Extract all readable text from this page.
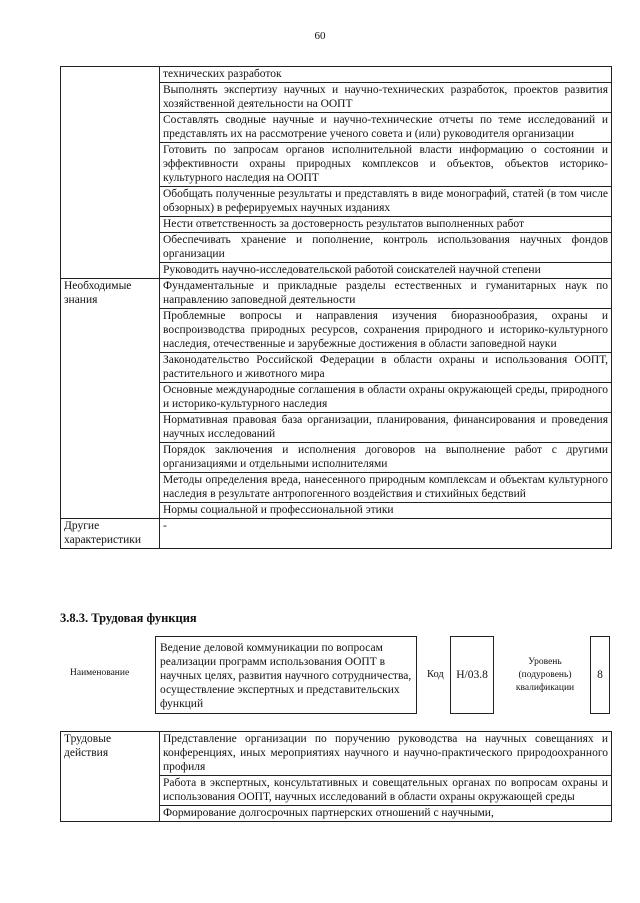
60
	технических разработок
	Выполнять экспертизу научных и научно-технических разработок, проектов развития хозяйственной деятельности на ООПТ
	Составлять сводные научные и научно-технические отчеты по теме исследований и представлять их на рассмотрение ученого совета и (или) руководителя организации
	Готовить по запросам органов исполнительной власти информацию о состоянии и эффективности охраны природных комплексов и объектов, объектов историко-культурного наследия на ООПТ
	Обобщать полученные результаты и представлять в виде монографий, статей (в том числе обзорных) в реферируемых научных изданиях
	Нести ответственность за достоверность результатов выполненных работ
	Обеспечивать хранение и пополнение, контроль использования научных фондов организации
	Руководить научно-исследовательской работой соискателей научной степени
Необходимые знания	Фундаментальные и прикладные разделы естественных и гуманитарных наук по направлению заповедной деятельности
	Проблемные вопросы и направления изучения биоразнообразия, охраны и воспроизводства природных ресурсов, сохранения природного и историко-культурного наследия, отечественные и зарубежные достижения в области заповедной науки
	Законодательство Российской Федерации в области охраны и использования ООПТ, растительного и животного мира
	Основные международные соглашения в области охраны окружающей среды, природного и историко-культурного наследия
	Нормативная правовая база организации, планирования, финансирования и проведения научных исследований
	Порядок заключения и исполнения договоров на выполнение работ с другими организациями и отдельными исполнителями
	Методы определения вреда, нанесенного природным комплексам и объектам культурного наследия в результате антропогенного воздействия и стихийных бедствий
	Нормы социальной и профессиональной этики
Другие характеристики	-
3.8.3. Трудовая функция
Наименование
Ведение деловой коммуникации по вопросам реализации программ использования ООПТ в научных целях, развития научного сотрудничества, осуществление экспертных и представительских функций
Код	Н/03.8
Уровень (подуровень) квалификации
8
Трудовые действия	Представление организации по поручению руководства на научных совещаниях и конференциях, иных мероприятиях научного и научно-практического природоохранного профиля
Работа в экспертных, консультативных и совещательных органах по вопросам охраны и использования ООПТ, научных исследований в области охраны окружающей среды
Формирование долгосрочных партнерских отношений с научными,
